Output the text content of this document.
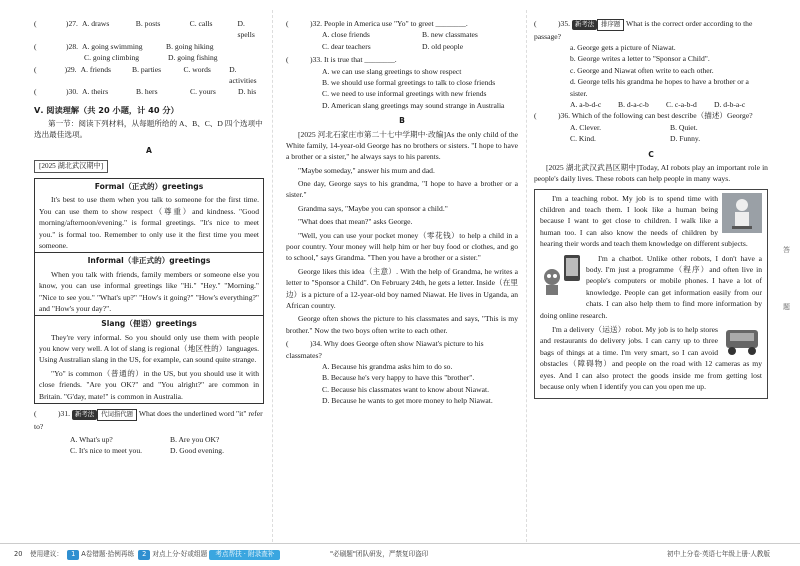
(	)27. A. draws	B. posts	C. calls	D. spells
(	)28. A. going swimming	B. going hiking
C. going climbing	D. going fishing
(	)29. A. friends	B. parties	C. words	D. activities
(	)30. A. theirs	B. hers	C. yours	D. his
Ⅴ. 阅读理解（共 20 小题，计 40 分）
第一节：阅读下列材料，从每题所给的 A、B、C、D 四个选项中选出最佳选项。
A
[2025 湖北武汉期中]
Formal（正式的）greetings

It's best to use them when you talk to someone for the first time. You can use them to show respect（尊重）and kindness. "Good morning/afternoon/evening." is formal greetings. "It's nice to meet you." is formal too. Remember to only use it the first time you meet someone.

Informal（非正式的）greetings

When you talk with friends, family members or someone else you know, you can use informal greetings like "Hi." "Hey." "Morning." "Nice to see you." "What's up?" "How's it going?" "How's everything?" and "How's your day?".

Slang（俚语）greetings

They're very informal. So you should only use them with people you know very well. A lot of slang is regional（地区性的）languages. Using Australian slang in the US, for example, can sound quite strange.

"Yo" is common（普通的）in the US, but you should use it with close friends. "Are you OK?" and "You alright?" are common in Britain. "G'day, mate!" is common in Australia.

(	)31. 新考法 代词指代题 What does the underlined word "it" refer to?
A. What's up?	B. Are you OK?
C. It's nice to meet you.	D. Good evening.
(	)32. People in America use "Yo" to greet ________.
A. close friends	B. new classmates
C. dear teachers	D. old people
(	)33. It is true that ________.
A. we can use slang greetings to show respect
B. we should use formal greetings to talk to close friends
C. we need to use informal greetings with new friends
D. American slang greetings may sound strange in Australia
B

[2025 河北石家庄市第二十七中学期中·改编]As the only child of the White family, 14-year-old George has no brothers or sisters. "I hope to have a brother or a sister," he always says to his parents.

"Maybe someday," answer his mum and dad.

One day, George says to his grandma, "I hope to have a brother or a sister."

Grandma says, "Maybe you can sponsor a child."

"What does that mean?" asks George.

"Well, you can use your pocket money（零花钱）to help a child in a poor country. Your money will help him or her buy food or clothes, and go to school," says Grandma. "Then you have a brother or a sister."

George likes this idea（主意）. With the help of Grandma, he writes a letter to "Sponsor a Child". On February 24th, he gets a letter. Inside（在里边）is a picture of a 12-year-old boy named Niawat. He lives in Uganda, an African country.

George often shows the picture to his classmates and says, "This is my brother." Now the two boys often write to each other.

(	)34. Why does George often show Niawat's picture to his classmates?
A. Because his grandma asks him to do so.
B. Because he's very happy to have this "brother".
C. Because his classmates want to know about Niawat.
D. Because he wants to get more money to help Niawat.
(	)35. 新考法 排序题 What is the correct order according to the passage?
a. George gets a picture of Niawat.
b. George writes a letter to "Sponsor a Child".
c. George and Niawat often write to each other.
d. George tells his grandma he hopes to have a brother or a sister.
A. a-b-d-c	B. d-a-c-b	C. c-a-b-d	D. d-b-a-c
(	)36. Which of the following can best describe（描述）George?
A. Clever.	B. Quiet.
C. Kind.	D. Funny.
C

[2025 湖北武汉武昌区期中]Today, AI robots play an important role in people's daily lives. These robots can help people in many ways.

I'm a teaching robot. My job is to spend time with children and teach them. I look like a human being because I want to get close to children. I walk like a human too. I can also know the needs of children by hearing their words and teach them knowledge on different subjects.

I'm a chatbot. Unlike other robots, I don't have a body. I'm just a programme（程序）and often live in people's computers or mobile phones. I have a lot of knowledge. People can get information easily from our chats. I can also help them to find more information by doing online research.

I'm a delivery（运送）robot. My job is to help stores and restaurants do delivery jobs. I can carry up to three bags of things at a time. I'm very smart, so I can avoid obstacles（障碍物）and people on the road with 12 cameras as my eyes. And I can also protect the goods inside me from getting lost because only when I identify you can you open me up.

答
题
20 使用建议： 1 A卷错题·拾例再练 2 对点上分·好或组题 考点帮扶 · 附录查补	"必刷题"团队研发，严禁复印盗印	初中上分卷·英语七年级上册·人教版
